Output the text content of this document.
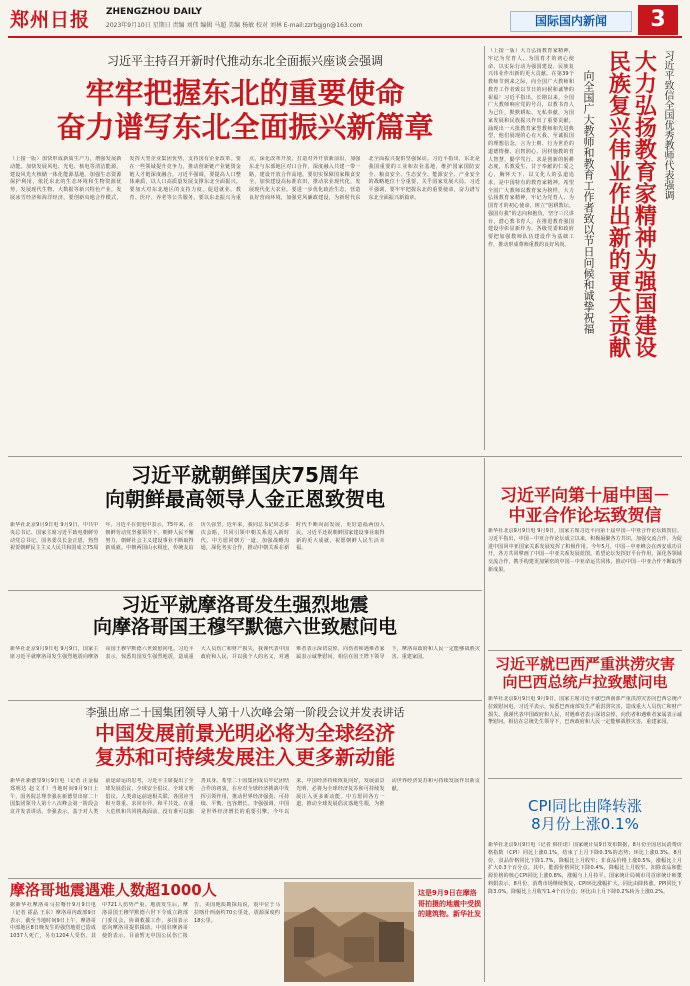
郑州日报 ZHENGZHOU DAILY
2023年9月10日 星期日 责编 刘伟 编辑 马超 美编 杨敏 校对 刘林 E-mail:zzrbgjgn@163.com	国际国内新闻	3
习近平主持召开新时代推动东北全面振兴座谈会强调
牢牢把握东北的重要使命
奋力谱写东北全面振兴新篇章
（上接一版）加快形成新质生产力，增强发展新动能。加快发展风电、光电、核电等清洁能源，建设风光火核储一体化能源基地。加强生态资源保护利用，依托东北的生态环境和生物资源优势，发展现代生物、大数据等新兴特色产业，发展冰雪经济和海洋经济。要创新央地合作模式，发挥大型企业集团优势，支持国有企业改革。要在一些领域提升竞争力，推动创新链产业链资金链人才链深度融合。习近平强调，要提高人口整体素质，以人口高质量发展支撑东北全面振兴。要加大对东北地区的支持力度，促进就业、教育、医疗、养老等公共服务。要以东北振兴为重点，深化改革开放，打造对外开放新前沿，加强东北与东部地区对口合作，深度融入共建一带一路，建设开放合作高地。要切实保障国家粮食安全，加快建设高标准农田，推动农业现代化，发展现代化大农业。要进一步优化政治生态，营造良好营商环境，加强党风廉政建设，为新时代东北全面振兴提供坚强保证。习近平指出，东北是我国重要的工业和农业基地，维护国家国防安全、粮食安全、生态安全、能源安全、产业安全的战略地位十分重要，关乎国家发展大局。习近平强调，要牢牢把握东北的重要使命，奋力谱写东北全面振兴新篇章。
（上接一版）大力弘扬教育家精神，牢记为党育人、为国育才的初心使命，以实际行动为强国建设、民族复兴伟业作出新的更大贡献。在第39个教师节到来之际，向全国广大教师和教育工作者致以节日的问候和诚挚的祝福！习近平指出，长期以来，全国广大教师响应党的号召，以教书育人为己任，默默耕耘、无私奉献，为国家发展和民族振兴作出了重要贡献。涌现出一大批教育家型教师和先进典型，他们展现的心有大我、至诚报国的理想信念，言为士则、行为世范的道德情操，启智润心、因材施教的育人智慧，勤学笃行、求是创新的躬耕态度，乐教爱生、甘于奉献的仁爱之心，胸怀天下、以文化人的弘道追求，是中国特有的教育家精神。希望全国广大教师以教育家为榜样，大力弘扬教育家精神，牢记为党育人、为国育才的初心使命，树立“躬耕教坛、强国有我”的志向和抱负，坚守三尺讲台，潜心教书育人，在推进教育强国建设中彰显新作为。各级党委和政府要把加强教师队伍建设作为基础工作，推动形成尊师重教的良好风尚。
习近平致信全国优秀教师代表强调
大力弘扬教育家精神为强国建设
民族复兴伟业作出新的更大贡献
向全国广大教师和教育工作者致以节日问候和诚挚祝福
习近平就朝鲜国庆75周年
向朝鲜最高领导人金正恩致贺电
新华社北京9月9日电 9月9日，中共中央总书记、国家主席习近平致电朝鲜劳动党总书记、国务委员长金正恩，热烈祝贺朝鲜民主主义人民共和国成立75周年。习近平在贺电中表示，75年来，在朝鲜劳动党坚强领导下，朝鲜人民不懈努力，朝鲜社会主义建设事业不断取得新成就。中朝两国山水相连，传统友谊历久弥坚。近年来，我同总书记同志多次会晤，共同引领中朝关系进入新时代。中方愿同朝方一道，加强战略沟通，深化务实合作，推动中朝关系在新时代不断向前发展，更好造福两国人民。习近平还祝朝鲜国家建设事业取得新的更大成就，祝愿朝鲜人民生活幸福。
习近平就摩洛哥发生强烈地震
向摩洛哥国王穆罕默德六世致慰问电
新华社北京9月9日电 9月9日，国家主席习近平就摩洛哥发生强烈地震向摩洛哥国王穆罕默德六世致慰问电。习近平表示，惊悉贵国发生强烈地震，造成重大人员伤亡和财产损失，我谨代表中国政府和人民，并以我个人的名义，对遇难者表示深切哀悼，向伤者和遇难者家属表示诚挚慰问。相信在国王陛下领导下，摩洛哥政府和人民一定能够战胜灾害、重建家园。
李强出席二十国集团领导人第十八次峰会第一阶段会议并发表讲话
中国发展前景光明必将为全球经济
复苏和可持续发展注入更多新动能
新华社新德里9月9日电（记者 汪金福 郑明达 赵文才）当地时间9月9日上午，国务院总理李强在新德里出席二十国集团领导人第十八次峰会第一阶段会议并发表讲话。李强表示，基于对人类前途命运的思考，习近平主席提出了全球发展倡议、全球安全倡议、全球文明倡议。人类命运前途相关联，各国应当相互尊重、求同存异、和平共处。在重大危机和共同挑战面前，没有谁可以独善其身。希望二十国集团成员牢记团结合作的初衷，在应对全球经济挑战中发挥引领作用，推动世界经济强劲、可持续、平衡、包容增长。李强强调，中国是世界经济增长的重要引擎。今年以来，中国经济持续恢复向好，发展前景光明，必将为全球经济复苏和可持续发展注入更多新动能。中方愿同各方一道，推动全球发展倡议落地生根，为推动世界经济复苏和可持续发展作出新贡献。
摩洛哥地震遇难人数超1000人
据新华社摩洛哥马拉喀什9月9日电（记者 霍晶 王东）摩洛哥内政部9日表示，截至当地时间9日上午，摩洛哥中部地区8日晚发生的强烈地震已造成1037人死亡，另有1204人受伤，其中721人伤势严重。地震发生后，摩洛哥国王穆罕默德六世下令成立跨部门委员会，协调救援工作。多国表示愿向摩洛哥提供援助。中国驻摩洛哥使馆表示，目前暂无中国公民伤亡报告。美国地质勘探局说，震中位于马拉喀什西南约70公里处，震源深度约18公里。
这是9月9日在摩洛哥拍摄的地震中受损的建筑物。新华社发
习近平向第十届中国－
中亚合作论坛致贺信
新华社北京9月9日电 9月9日，国家主席习近平向第十届中国－中亚合作论坛致贺信。习近平指出，中国－中亚合作论坛成立以来，积极凝聚各方共识，加强交流合作，为促进中国同中亚国家关系发展发挥了积极作用。今年5月，中国－中亚峰会在西安成功召开，各方共同擘画了中国－中亚关系发展蓝图。希望论坛发挥好平台作用，深化各领域交流合作，携手构建更加紧密的中国－中亚命运共同体，推动中国－中亚合作不断取得新成果。
习近平就巴西严重洪涝灾害
向巴西总统卢拉致慰问电
新华社北京9月9日电 9月9日，国家主席习近平就巴西南部严重洪涝灾害向巴西总统卢拉致慰问电。习近平表示，惊悉巴西南部发生严重洪涝灾害，造成重大人员伤亡和财产损失。我谨代表中国政府和人民，对遇难者表示深切哀悼，向伤者和遇难者家属表示诚挚慰问。相信在总统先生领导下，巴西政府和人民一定能够战胜灾害，重建家园。
CPI同比由降转涨
8月份上涨0.1%
新华社北京9月9日电（记者 韩佳诺）国家统计局9日发布数据，8月份全国居民消费价格指数（CPI）同比上涨0.1%，结束了上月下降0.3%的态势；环比上涨0.3%。8月份，食品价格同比下降1.7%，降幅比上月收窄；非食品价格上涨0.5%，涨幅比上月扩大0.3个百分点。其中，能源价格同比下降0.4%，降幅比上月收窄。扣除食品和能源价格的核心CPI同比上涨0.8%，涨幅与上月持平。国家统计局城市司首席统计师董莉娟表示，8月份，消费市场继续恢复，CPI环比涨幅扩大，同比由降转涨。PPI同比下降3.0%，降幅比上月收窄1.4个百分点；环比由上月下降0.2%转为上涨0.2%。
